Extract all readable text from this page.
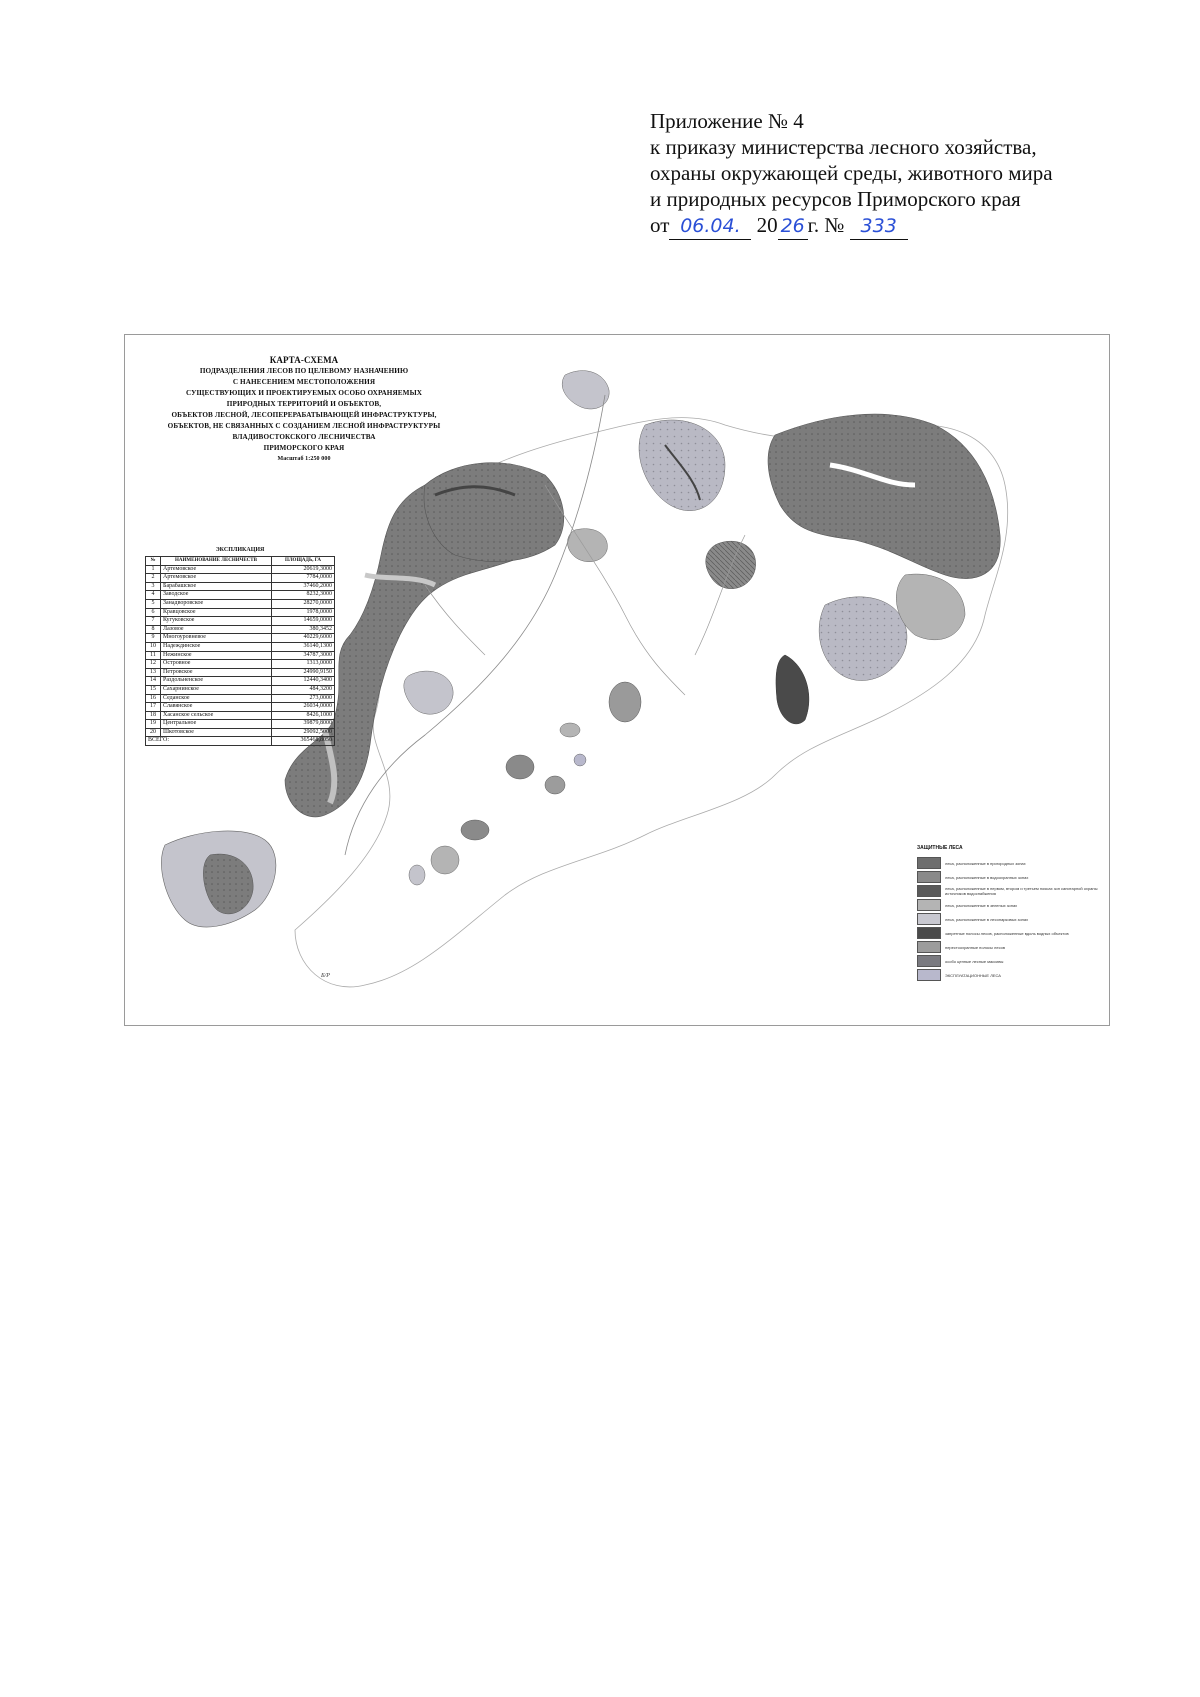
Приложение № 4
к приказу министерства лесного хозяйства,
охраны окружающей среды, животного мира
и природных ресурсов Приморского края
от 06.04. 20 26 г. № 333
КАРТА-СХЕМА
ПОДРАЗДЕЛЕНИЯ ЛЕСОВ ПО ЦЕЛЕВОМУ НАЗНАЧЕНИЮ
С НАНЕСЕНИЕМ МЕСТОПОЛОЖЕНИЯ
СУЩЕСТВУЮЩИХ И ПРОЕКТИРУЕМЫХ ОСОБО ОХРАНЯЕМЫХ
ПРИРОДНЫХ ТЕРРИТОРИЙ И ОБЪЕКТОВ,
ОБЪЕКТОВ ЛЕСНОЙ, ЛЕСОПЕРЕРАБАТЫВАЮЩЕЙ ИНФРАСТРУКТУРЫ,
ОБЪЕКТОВ, НЕ СВЯЗАННЫХ С СОЗДАНИЕМ ЛЕСНОЙ ИНФРАСТРУКТУРЫ
ВЛАДИВОСТОКСКОГО ЛЕСНИЧЕСТВА
ПРИМОРСКОГО КРАЯ
Масштаб 1:250 000
ЭКСПЛИКАЦИЯ
№	НАИМЕНОВАНИЕ ЛЕСНИЧЕСТВ	ПЛОЩАДЬ, ГА
1	Артемовское	20619,3000
2	Артемовское	7784,0000
3	Барабашское	37460,2000
4	Заводское	8232,3000
5	Занадворовское	28270,0000
6	Кравцовское	1978,0000
7	Кугуковское	14659,0000
8	Лазовое	380,3452
9	Многоуровневое	40229,6000
10	Надеждинское	36140,1300
11	Нежинское	34787,3000
12	Островное	1313,0000
13	Петровское	24990,9150
14	Раздольненское	12440,3400
15	Сахарнинское	484,3200
16	Седанское	273,0000
17	Славянское	26034,0000
18	Хасанское сельское	8426,1000
19	Центральное	39879,8000
20	Шкотовское	29092,5000
ВСЕГО:		365468,8050
ЗАЩИТНЫЕ ЛЕСА
леса, расположенные в пригородных зонах
леса, расположенные в водоохранных зонах
леса, расположенные в первом, втором и третьем поясах зон санитарной охраны источников водоснабжения
леса, расположенные в зеленых зонах
леса, расположенные в лесопарковых зонах
запретные полосы лесов, расположенные вдоль водных объектов
нерестоохранные полосы лесов
особо ценные лесные массивы
ЭКСПЛУАТАЦИОННЫЕ ЛЕСА
Б/Р
